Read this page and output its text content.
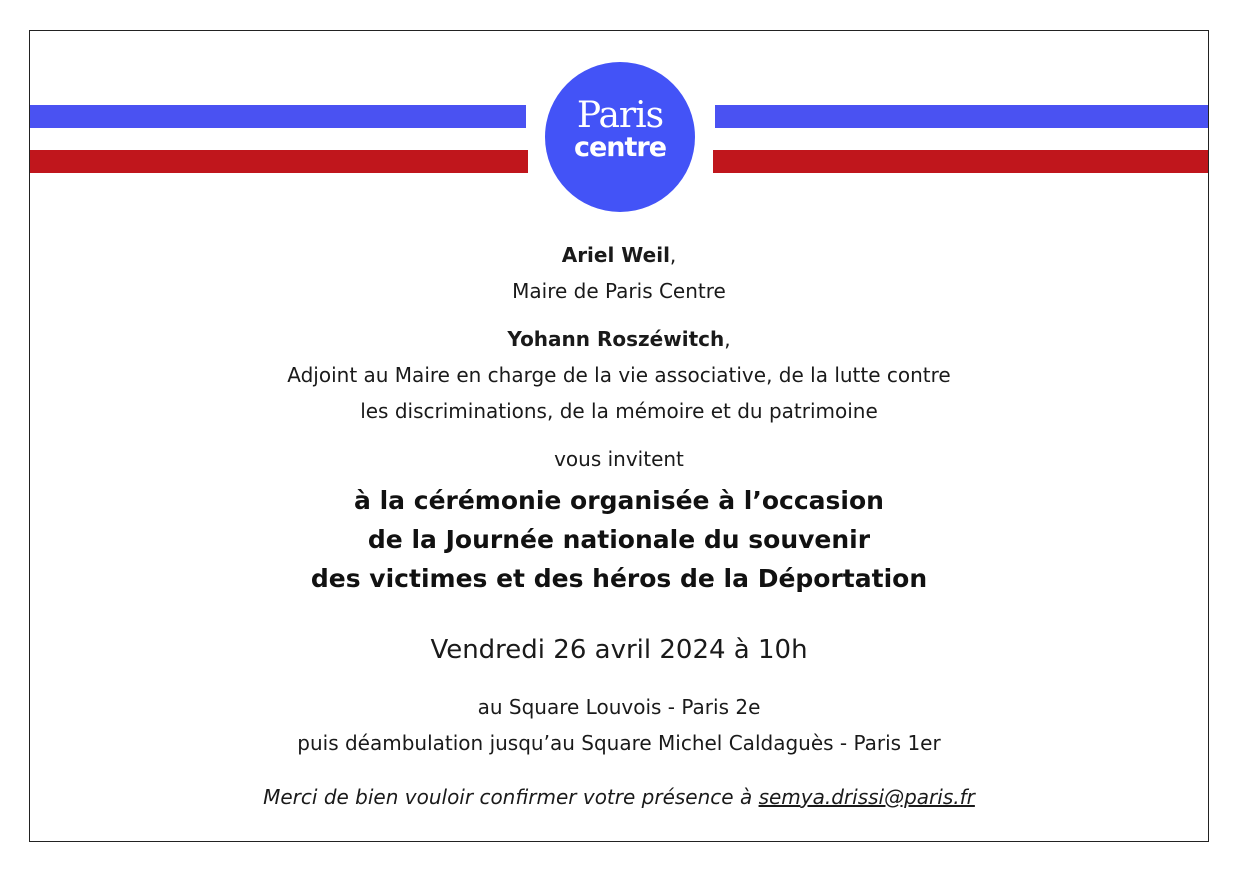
Paris
centre
Ariel Weil,
Maire de Paris Centre
Yohann Roszéwitch,
Adjoint au Maire en charge de la vie associative, de la lutte contre
les discriminations, de la mémoire et du patrimoine
vous invitent
à la cérémonie organisée à l’occasion
de la Journée nationale du souvenir
des victimes et des héros de la Déportation
Vendredi 26 avril 2024 à 10h
au Square Louvois - Paris 2e
puis déambulation jusqu’au Square Michel Caldaguès - Paris 1er
Merci de bien vouloir confirmer votre présence à semya.drissi@paris.fr
